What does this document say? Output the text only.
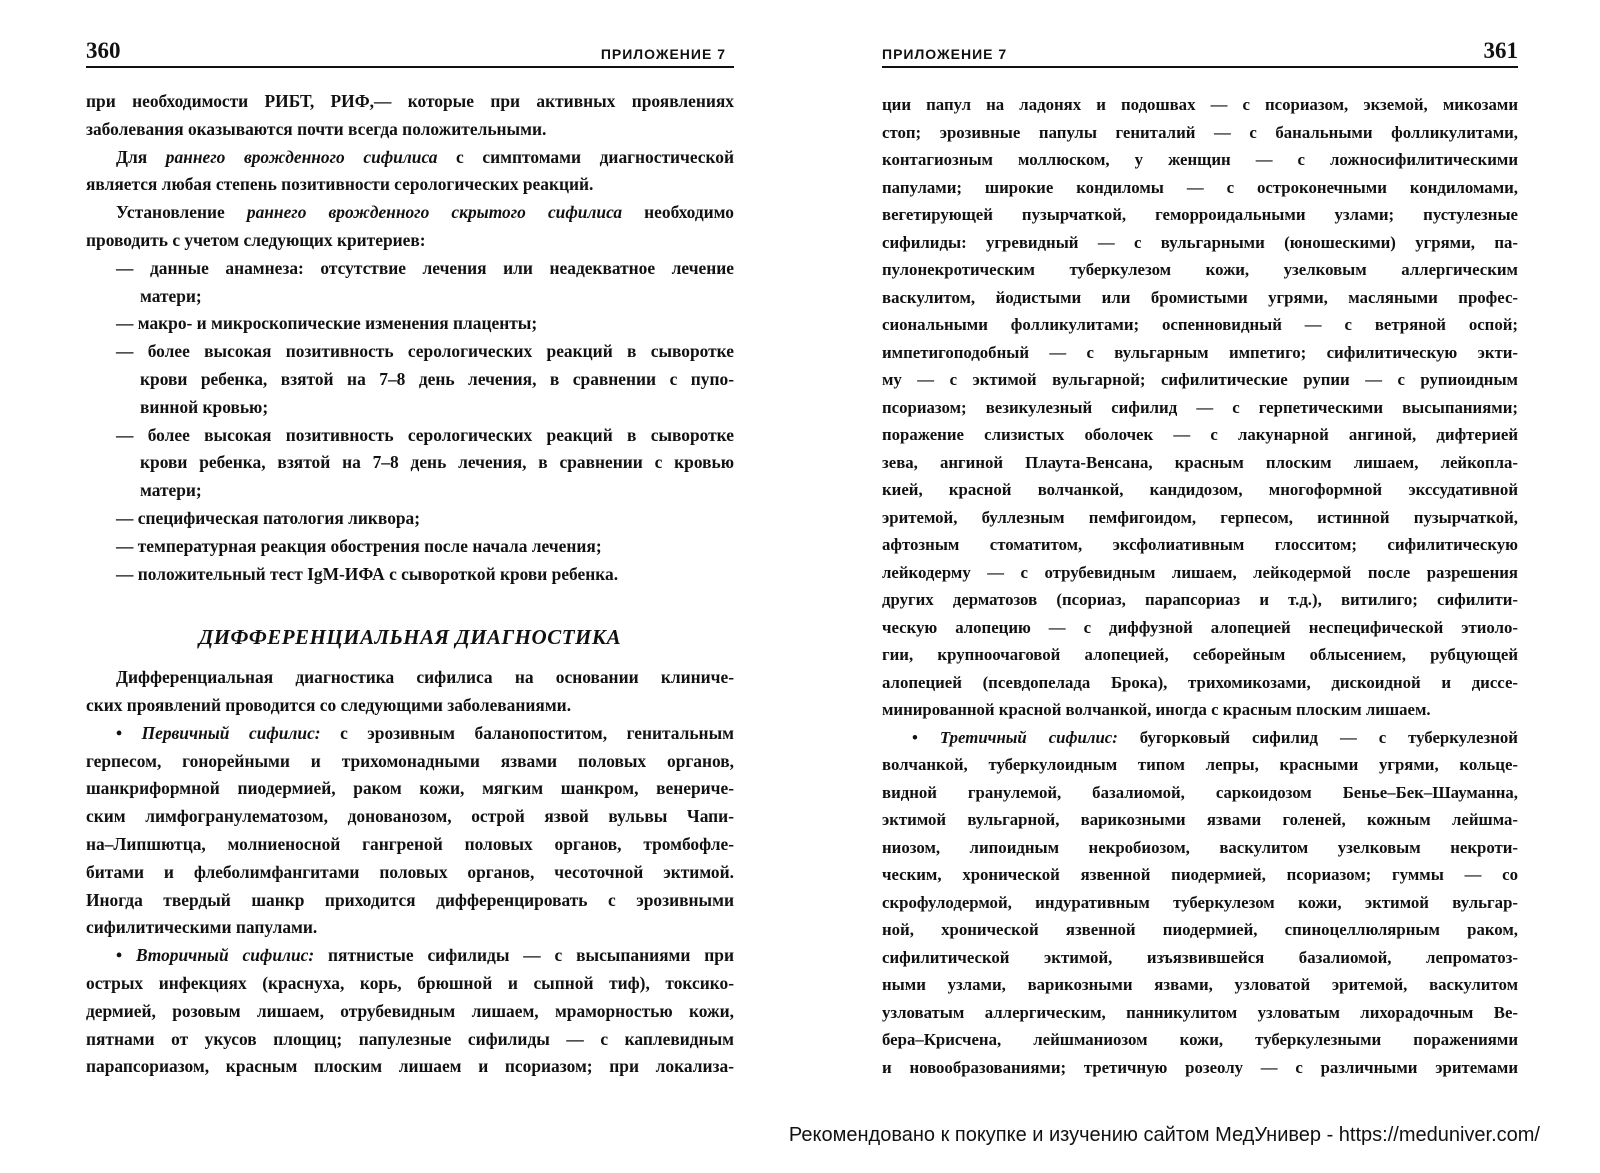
360	ПРИЛОЖЕНИЕ 7
при необходимости РИБТ, РИФ,— которые при активных проявлениях
заболевания оказываются почти всегда положительными.
Для раннего врожденного сифилиса с симптомами диагностической
является любая степень позитивности серологических реакций.
Установление раннего врожденного скрытого сифилиса необходимо
проводить с учетом следующих критериев:
— данные анамнеза: отсутствие лечения или неадекватное лечение
матери;
— макро- и микроскопические изменения плаценты;
— более высокая позитивность серологических реакций в сыворотке
крови ребенка, взятой на 7–8 день лечения, в сравнении с пупо-
винной кровью;
— более высокая позитивность серологических реакций в сыворотке
крови ребенка, взятой на 7–8 день лечения, в сравнении с кровью
матери;
— специфическая патология ликвора;
— температурная реакция обострения после начала лечения;
— положительный тест IgM-ИФА с сывороткой крови ребенка.
ДИФФЕРЕНЦИАЛЬНАЯ ДИАГНОСТИКА
Дифференциальная диагностика сифилиса на основании клиниче-
ских проявлений проводится со следующими заболеваниями.
• Первичный сифилис: с эрозивным баланопоститом, генитальным
герпесом, гонорейными и трихомонадными язвами половых органов,
шанкриформной пиодермией, раком кожи, мягким шанкром, венериче-
ским лимфогранулематозом, донованозом, острой язвой вульвы Чапи-
на–Липшютца, молниеносной гангреной половых органов, тромбофле-
битами и флеболимфангитами половых органов, чесоточной эктимой.
Иногда твердый шанкр приходится дифференцировать с эрозивными
сифилитическими папулами.
• Вторичный сифилис: пятнистые сифилиды — с высыпаниями при
острых инфекциях (краснуха, корь, брюшной и сыпной тиф), токсико-
дермией, розовым лишаем, отрубевидным лишаем, мраморностью кожи,
пятнами от укусов площиц; папулезные сифилиды — с каплевидным
парапсориазом, красным плоским лишаем и псориазом; при локализа-
ПРИЛОЖЕНИЕ 7	361
ции папул на ладонях и подошвах — с псориазом, экземой, микозами
стоп; эрозивные папулы гениталий — с банальными фолликулитами,
контагиозным моллюском, у женщин — с ложносифилитическими
папулами; широкие кондиломы — с остроконечными кондиломами,
вегетирующей пузырчаткой, геморроидальными узлами; пустулезные
сифилиды: угревидный — с вульгарными (юношескими) угрями, па-
пулонекротическим туберкулезом кожи, узелковым аллергическим
васкулитом, йодистыми или бромистыми угрями, масляными профес-
сиональными фолликулитами; оспенновидный — с ветряной оспой;
импетигоподобный — с вульгарным импетиго; сифилитическую экти-
му — с эктимой вульгарной; сифилитические рупии — с рупиоидным
псориазом; везикулезный сифилид — с герпетическими высыпаниями;
поражение слизистых оболочек — с лакунарной ангиной, дифтерией
зева, ангиной Плаута-Венсана, красным плоским лишаем, лейкопла-
кией, красной волчанкой, кандидозом, многоформной экссудативной
эритемой, буллезным пемфигоидом, герпесом, истинной пузырчаткой,
афтозным стоматитом, эксфолиативным глосситом; сифилитическую
лейкодерму — с отрубевидным лишаем, лейкодермой после разрешения
других дерматозов (псориаз, парапсориаз и т.д.), витилиго; сифилити-
ческую алопецию — с диффузной алопецией неспецифической этиоло-
гии, крупноочаговой алопецией, себорейным облысением, рубцующей
алопецией (псевдопелада Брока), трихомикозами, дискоидной и диссе-
минированной красной волчанкой, иногда с красным плоским лишаем.
• Третичный сифилис: бугорковый сифилид — с туберкулезной
волчанкой, туберкулоидным типом лепры, красными угрями, кольце-
видной гранулемой, базалиомой, саркоидозом Бенье–Бек–Шауманна,
эктимой вульгарной, варикозными язвами голеней, кожным лейшма-
ниозом, липоидным некробиозом, васкулитом узелковым некроти-
ческим, хронической язвенной пиодермией, псориазом; гуммы — со
скрофулодермой, индуративным туберкулезом кожи, эктимой вульгар-
ной, хронической язвенной пиодермией, спиноцеллюлярным раком,
сифилитической эктимой, изъязвившейся базалиомой, лепроматоз-
ными узлами, варикозными язвами, узловатой эритемой, васкулитом
узловатым аллергическим, панникулитом узловатым лихорадочным Ве-
бера–Крисчена, лейшманиозом кожи, туберкулезными поражениями
и новообразованиями; третичную розеолу — с различными эритемами
Рекомендовано к покупке и изучению сайтом МедУнивер - https://meduniver.com/
